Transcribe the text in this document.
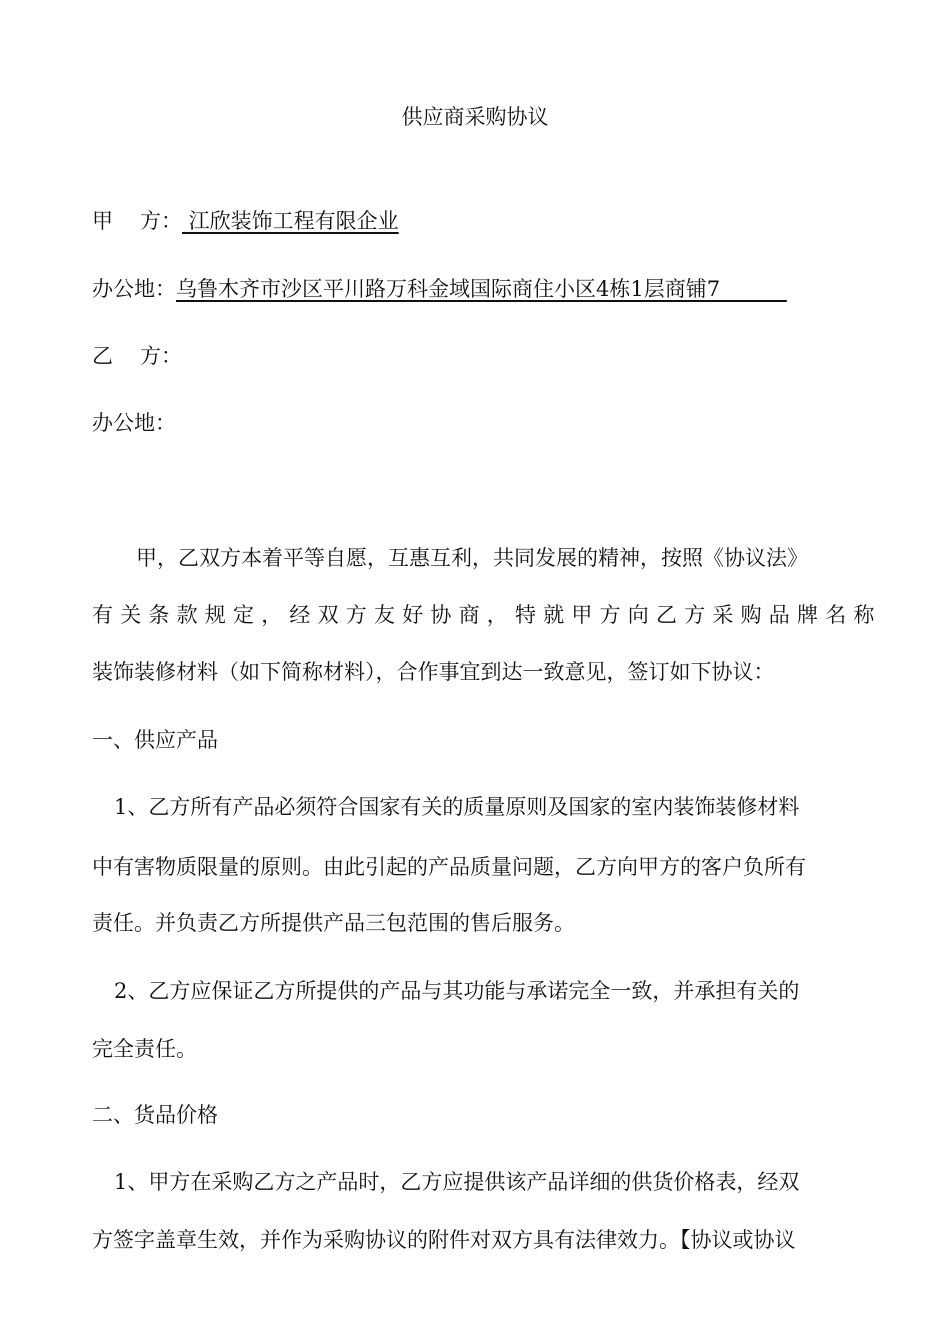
供应商采购协议
甲 方： 江欣装饰工程有限企业
办公地：乌鲁木齐市沙区平川路万科金域国际商住小区4栋1层商铺7
乙 方：
办公地：
甲，乙双方本着平等自愿，互惠互利，共同发展的精神，按照《协议法》
有关条款规定，经双方友好协商，特就甲方向乙方采购品牌名称
装饰装修材料（如下简称材料），合作事宜到达一致意见，签订如下协议：
一、供应产品
1、乙方所有产品必须符合国家有关的质量原则及国家的室内装饰装修材料
中有害物质限量的原则。由此引起的产品质量问题，乙方向甲方的客户负所有
责任。并负责乙方所提供产品三包范围的售后服务。
2、乙方应保证乙方所提供的产品与其功能与承诺完全一致，并承担有关的
完全责任。
二、货品价格
1、甲方在采购乙方之产品时，乙方应提供该产品详细的供货价格表，经双
方签字盖章生效，并作为采购协议的附件对双方具有法律效力。【协议或协议
